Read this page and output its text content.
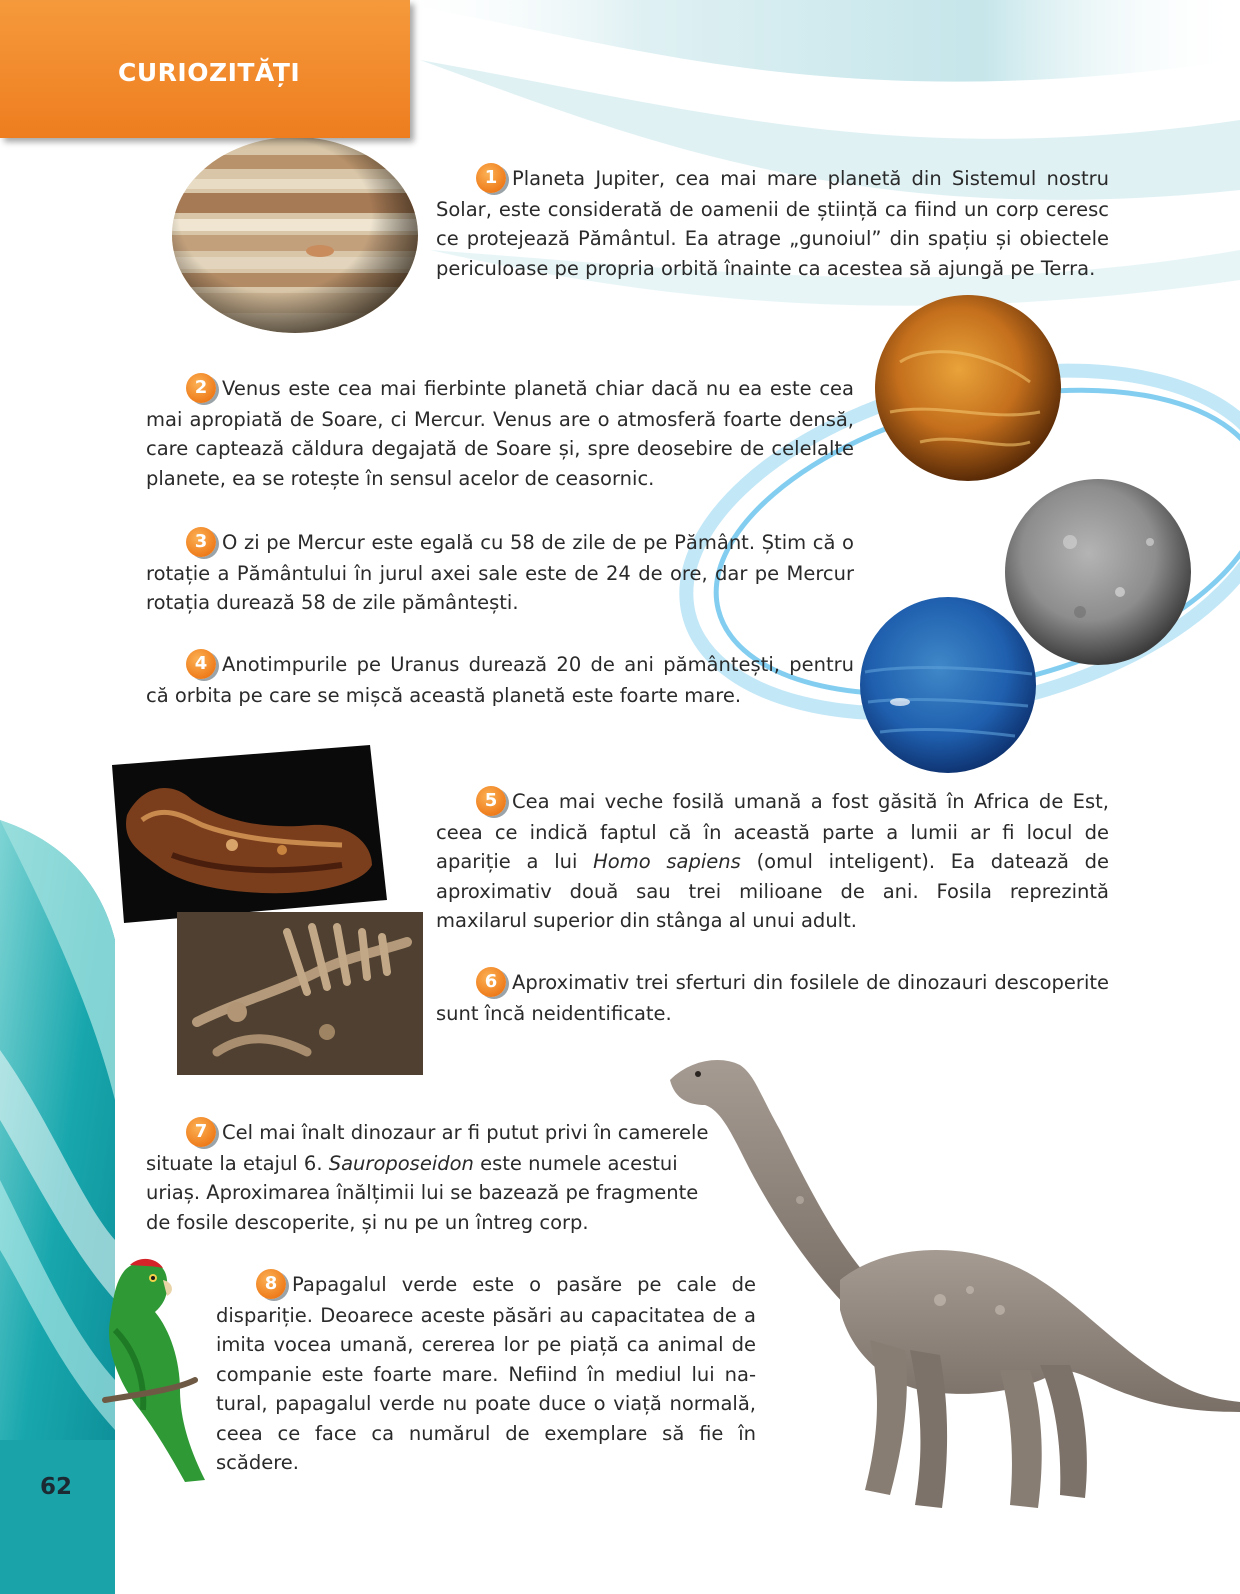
CURIOZITĂȚI
1 Planeta Jupiter, cea mai mare planetă din Sistemul nostru Solar, este considerată de oamenii de știință ca fiind un corp ceresc ce protejează Pământul. Ea atrage „gunoiul” din spațiu și obiectele periculoase pe propria orbită înainte ca acestea să ajungă pe Terra.
2 Venus este cea mai fierbinte planetă chiar dacă nu ea este cea mai apropiată de Soare, ci Mercur. Venus are o atmosferă foarte densă, care captează căldura degajată de Soare și, spre deosebire de celelalte planete, ea se rotește în sensul acelor de ceasornic.
3 O zi pe Mercur este egală cu 58 de zile de pe Pământ. Știm că o rotație a Pământului în jurul axei sale este de 24 de ore, dar pe Mercur rotația durează 58 de zile pământești.
4 Anotimpurile pe Uranus durează 20 de ani pământești, pentru că orbita pe care se mișcă această planetă este foarte mare.
5 Cea mai veche fosilă umană a fost găsită în Africa de Est, ceea ce indică faptul că în această parte a lumii ar fi locul de apariție a lui Homo sapiens (omul inteligent). Ea datează de aproximativ două sau trei milioane de ani. Fosila reprezintă maxilarul superior din stânga al unui adult.
6 Aproximativ trei sferturi din fosilele de dinozauri descoperite sunt încă neidentificate.
7 Cel mai înalt dinozaur ar fi putut privi în camerele situate la etajul 6. Sauroposeidon este numele acestui uriaș. Aproximarea înălțimii lui se bazează pe fragmente de fosile descoperite, și nu pe un întreg corp.
8 Papagalul verde este o pasăre pe cale de dispariție. Deoarece aceste păsări au capacitatea de a imita vocea umană, cererea lor pe piață ca animal de companie este foarte mare. Nefiind în mediul lui natural, papagalul verde nu poate duce o viață normală, ceea ce face ca numărul de exemplare să fie în scădere.
62
